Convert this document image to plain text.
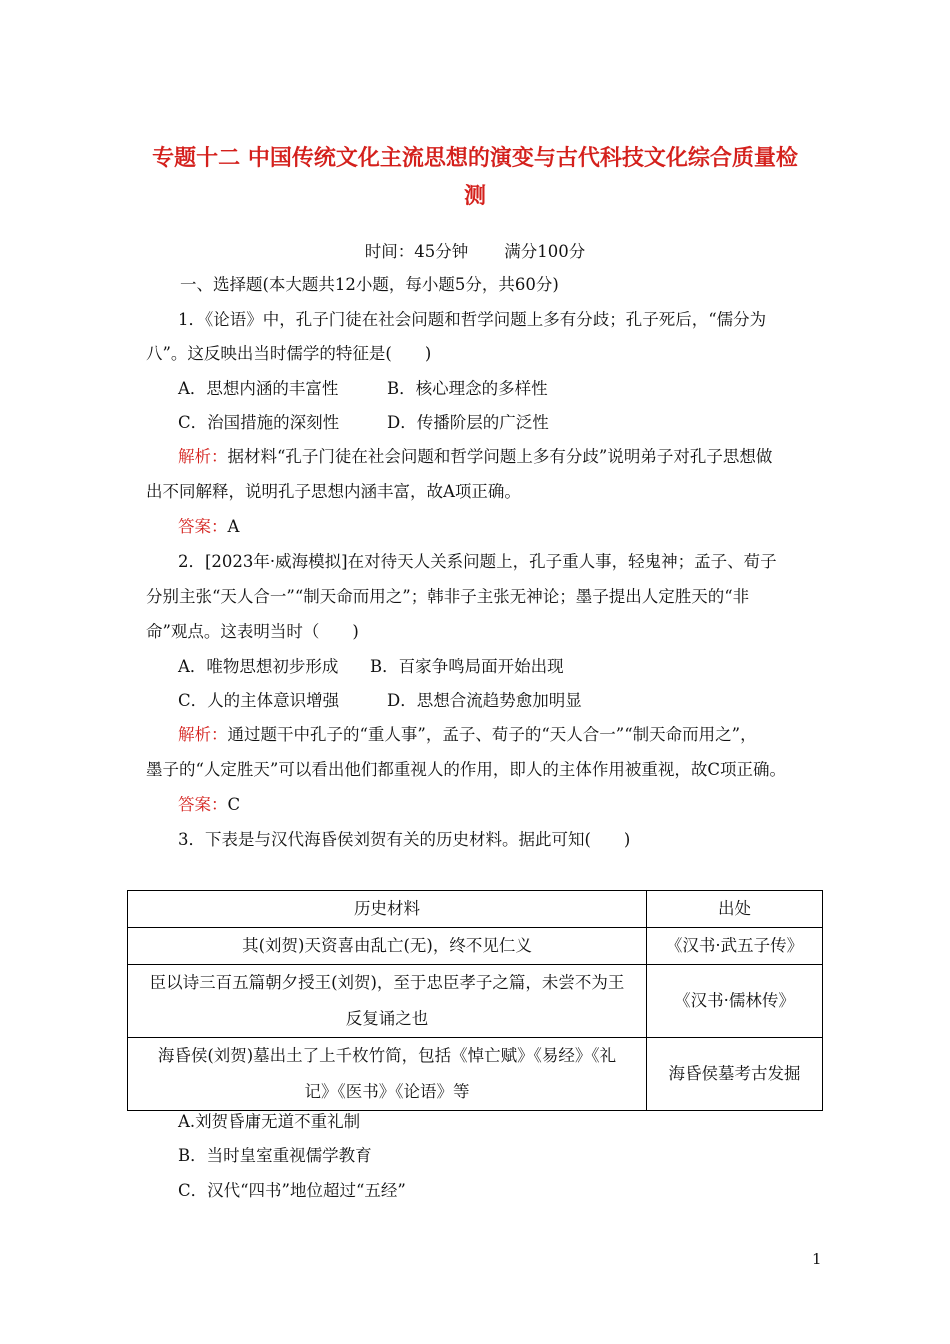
专题十二 中国传统文化主流思想的演变与古代科技文化综合质量检
测
时间：45分钟 满分100分
一、选择题(本大题共12小题，每小题5分，共60分)
1．《论语》中，孔子门徒在社会问题和哲学问题上多有分歧；孔子死后，“儒分为
八”。这反映出当时儒学的特征是(　　)
A．思想内涵的丰富性	B．核心理念的多样性
C．治国措施的深刻性	D．传播阶层的广泛性
解析：据材料“孔子门徒在社会问题和哲学问题上多有分歧”说明弟子对孔子思想做
出不同解释，说明孔子思想内涵丰富，故A项正确。
答案：A
2．[2023年·威海模拟]在对待天人关系问题上，孔子重人事，轻鬼神；孟子、荀子
分别主张“天人合一”“制天命而用之”；韩非子主张无神论；墨子提出人定胜天的“非
命”观点。这表明当时（　　)
A．唯物思想初步形成 B．百家争鸣局面开始出现
C．人的主体意识增强	D．思想合流趋势愈加明显
解析：通过题干中孔子的“重人事”，孟子、荀子的“天人合一”“制天命而用之”，
墨子的“人定胜天”可以看出他们都重视人的作用，即人的主体作用被重视，故C项正确。
答案：C
3．下表是与汉代海昏侯刘贺有关的历史材料。据此可知(　　)
历史材料	出处

其(刘贺)天资喜由乱亡(无)，终不见仁义	《汉书·武五子传》

臣以诗三百五篇朝夕授王(刘贺)，至于忠臣孝子之篇，未尝不为王
反复诵之也	《汉书·儒林传》

海昏侯(刘贺)墓出土了上千枚竹简，包括《悼亡赋》《易经》《礼
记》《医书》《论语》等	海昏侯墓考古发掘
A.刘贺昏庸无道不重礼制
B．当时皇室重视儒学教育
C．汉代“四书”地位超过“五经”
1
